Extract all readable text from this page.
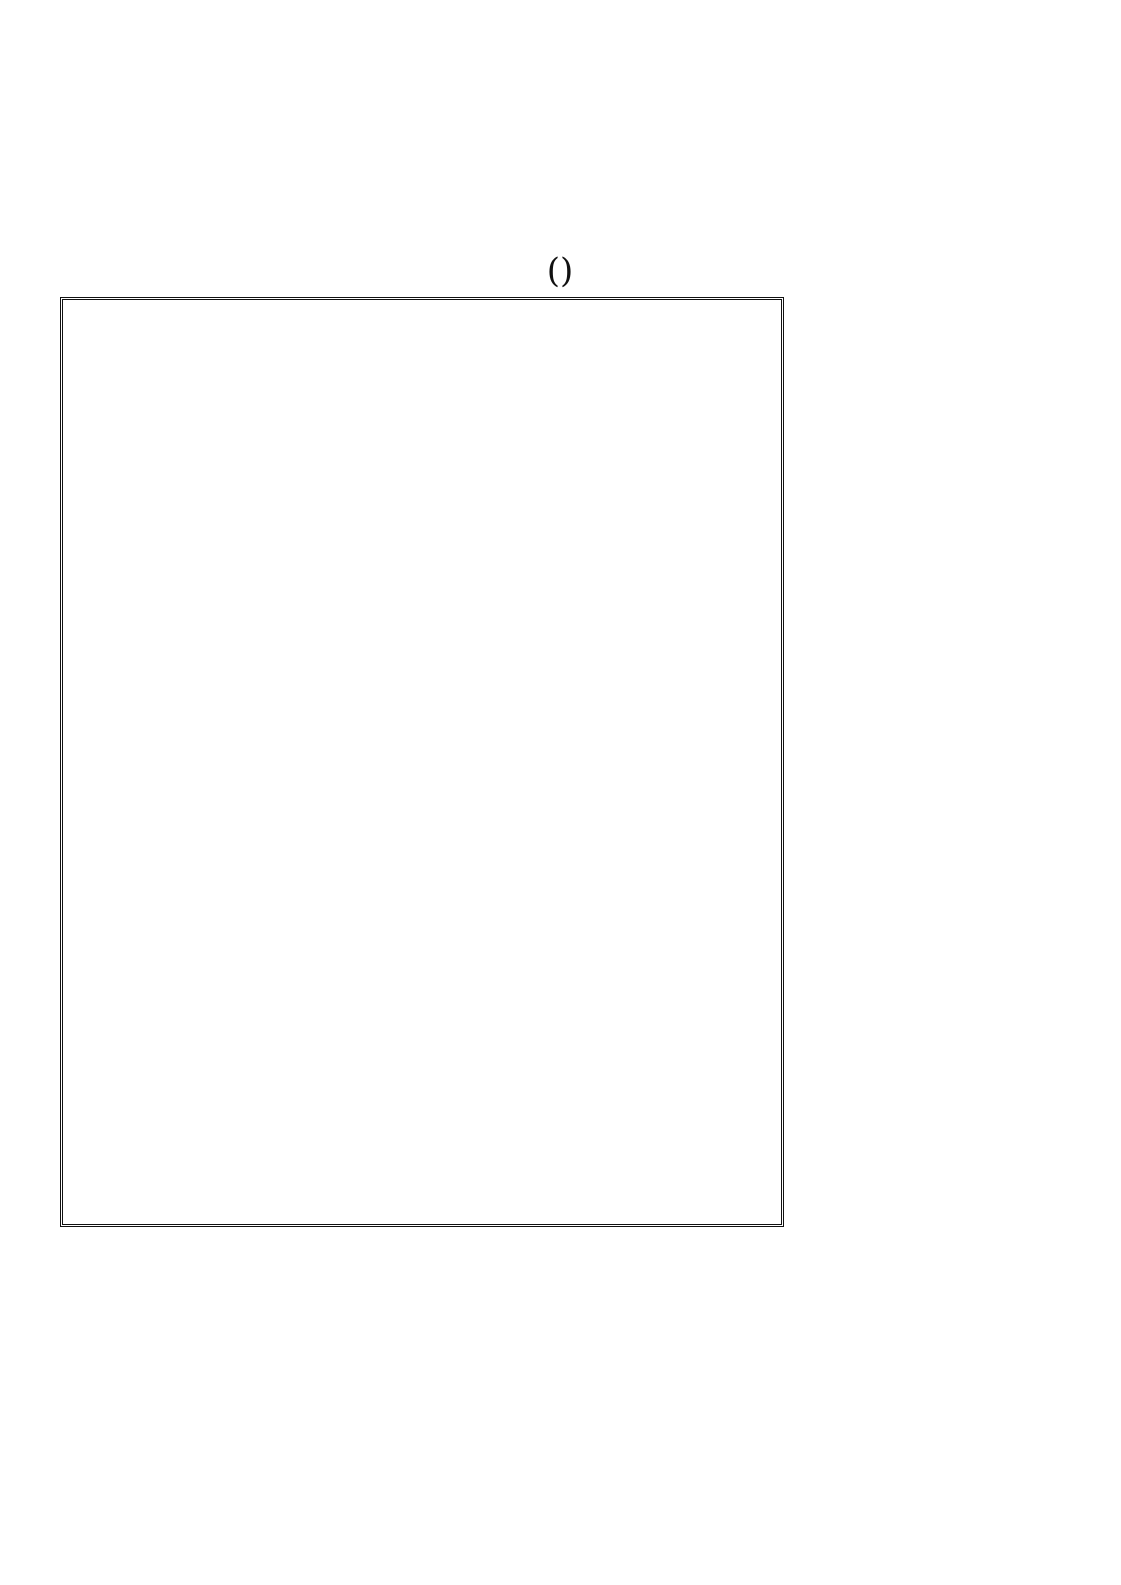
(
)
